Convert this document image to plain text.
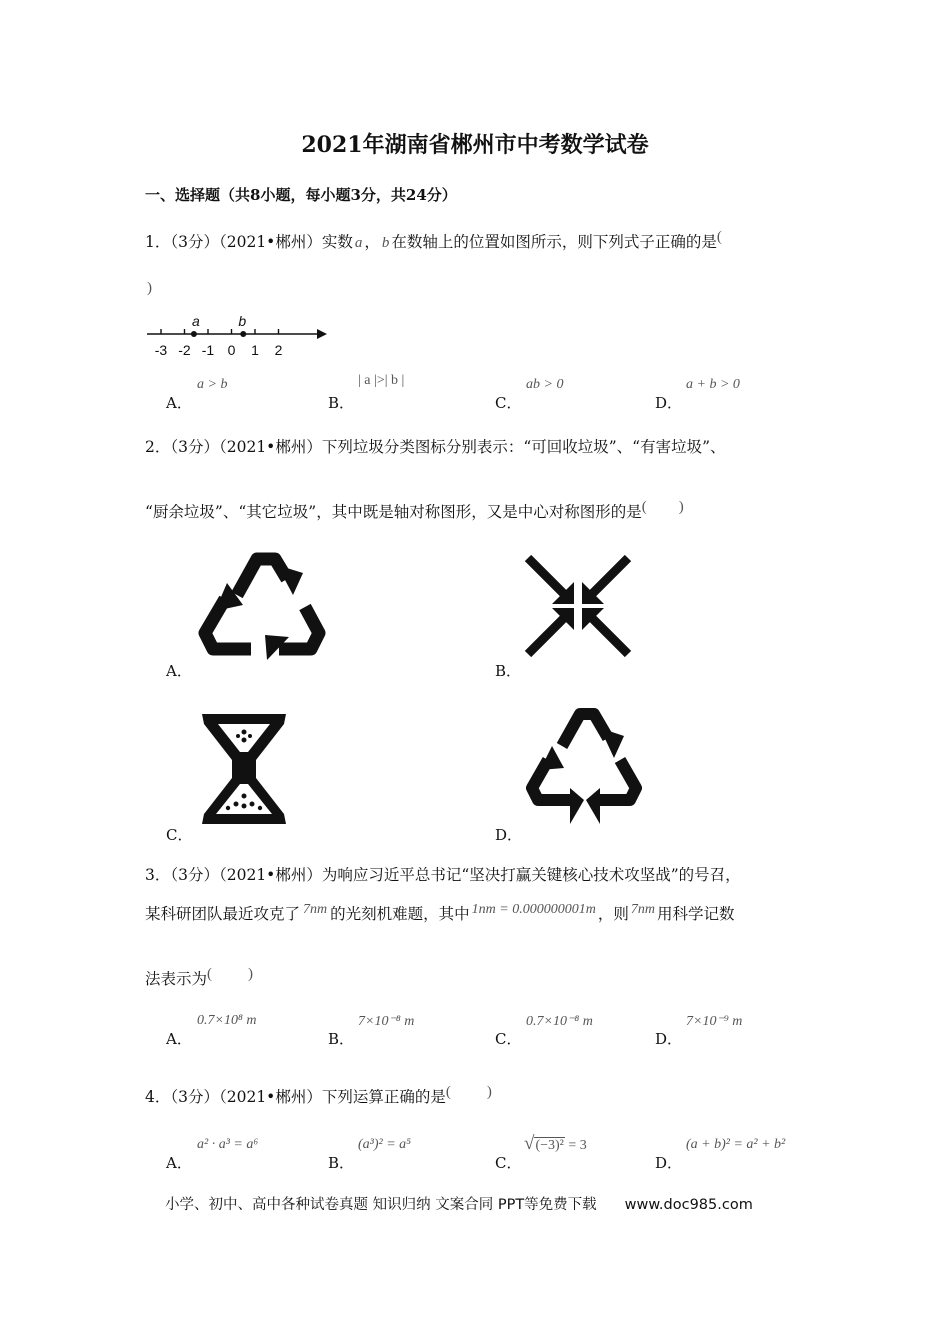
2021年湖南省郴州市中考数学试卷
一、选择题（共8小题，每小题3分，共24分）
1．（3分）（2021•郴州）实数 a ， b 在数轴上的位置如图所示，则下列式子正确的是(
)
-3 -2 -1 0 1 2
a	b
A．
a > b
B．
| a |>| b |
C．
ab > 0
D．
a + b > 0
2．（3分）（2021•郴州）下列垃圾分类图标分别表示：“可回收垃圾”、“有害垃圾”、
“厨余垃圾”、“其它垃圾”，其中既是轴对称图形，又是中心对称图形的是( )
A．	B．
C．	D．
3．（3分）（2021•郴州）为响应习近平总书记“坚决打赢关键核心技术攻坚战”的号召，
某科研团队最近攻克了 7nm 的光刻机难题，其中 1nm = 0.000000001m ，则 7nm 用科学记数
法表示为( )
A．
0.7×10⁸ m
B．
7×10⁻⁸ m
C．
0.7×10⁻⁸ m
D．
7×10⁻⁹ m
4．（3分）（2021•郴州）下列运算正确的是( )
A．
a² · a³ = a⁶
B．
(a³)² = a⁵
C．
√(−3)² = 3
D．
(a + b)² = a² + b²
小学、初中、高中各种试卷真题 知识归纳 文案合同 PPT等免费下载 www.doc985.com
